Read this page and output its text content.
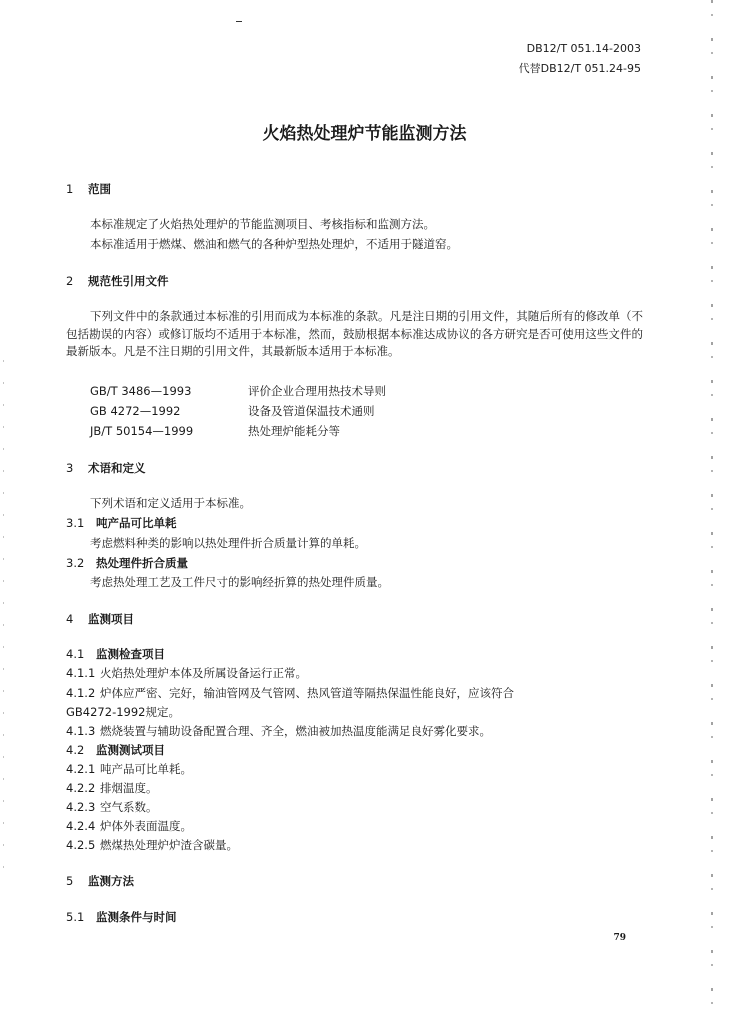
DB12/T 051.14-2003
代替DB12/T 051.24-95
火焰热处理炉节能监测方法
1 范围
本标准规定了火焰热处理炉的节能监测项目、考核指标和监测方法。
本标准适用于燃煤、燃油和燃气的各种炉型热处理炉，不适用于隧道窑。
2 规范性引用文件
下列文件中的条款通过本标准的引用而成为本标准的条款。凡是注日期的引用文件，其随后所有的修改单（不包括勘误的内容）或修订版均不适用于本标准，然而，鼓励根据本标准达成协议的各方研究是否可使用这些文件的最新版本。凡是不注日期的引用文件，其最新版本适用于本标准。
GB/T 3486—1993	评价企业合理用热技术导则
GB 4272—1992	设备及管道保温技术通则
JB/T 50154—1999	热处理炉能耗分等
3 术语和定义
下列术语和定义适用于本标准。
3.1 吨产品可比单耗
考虑燃料种类的影响以热处理件折合质量计算的单耗。
3.2 热处理件折合质量
考虑热处理工艺及工件尺寸的影响经折算的热处理件质量。
4 监测项目
4.1 监测检查项目
4.1.1 火焰热处理炉本体及所属设备运行正常。
4.1.2 炉体应严密、完好，输油管网及气管网、热风管道等隔热保温性能良好，应该符合
GB4272-1992规定。
4.1.3 燃烧装置与辅助设备配置合理、齐全，燃油被加热温度能满足良好雾化要求。
4.2 监测测试项目
4.2.1 吨产品可比单耗。
4.2.2 排烟温度。
4.2.3 空气系数。
4.2.4 炉体外表面温度。
4.2.5 燃煤热处理炉炉渣含碳量。
5 监测方法
5.1 监测条件与时间
79
